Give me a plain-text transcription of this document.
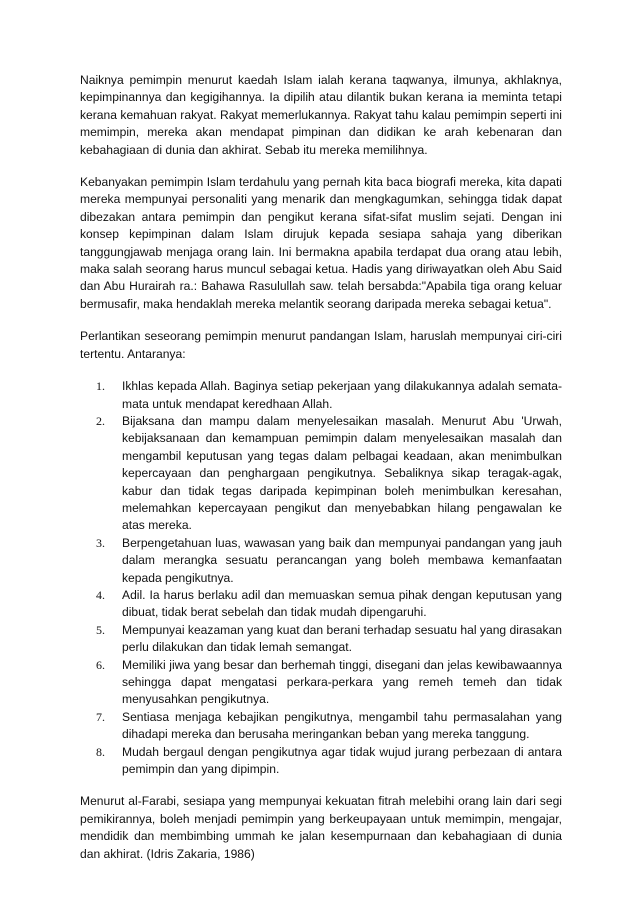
Naiknya pemimpin menurut kaedah Islam ialah kerana taqwanya, ilmunya, akhlaknya, kepimpinannya dan kegigihannya. Ia dipilih atau dilantik bukan kerana ia meminta tetapi kerana kemahuan rakyat. Rakyat memerlukannya. Rakyat tahu kalau pemimpin seperti ini memimpin, mereka akan mendapat pimpinan dan didikan ke arah kebenaran dan kebahagiaan di dunia dan akhirat. Sebab itu mereka memilihnya.

Kebanyakan pemimpin Islam terdahulu yang pernah kita baca biografi mereka, kita dapati mereka mempunyai personaliti yang menarik dan mengkagumkan, sehingga tidak dapat dibezakan antara pemimpin dan pengikut kerana sifat-sifat muslim sejati. Dengan ini konsep kepimpinan dalam Islam dirujuk kepada sesiapa sahaja yang diberikan tanggungjawab menjaga orang lain. Ini bermakna apabila terdapat dua orang atau lebih, maka salah seorang harus muncul sebagai ketua. Hadis yang diriwayatkan oleh Abu Said dan Abu Hurairah ra.: Bahawa Rasulullah saw. telah bersabda:"Apabila tiga orang keluar bermusafir, maka hendaklah mereka melantik seorang daripada mereka sebagai ketua".

Perlantikan seseorang pemimpin menurut pandangan Islam, haruslah mempunyai ciri-ciri tertentu. Antaranya:

1.	Ikhlas kepada Allah. Baginya setiap pekerjaan yang dilakukannya adalah semata-mata untuk mendapat keredhaan Allah.
2.	Bijaksana dan mampu dalam menyelesaikan masalah. Menurut Abu 'Urwah, kebijaksanaan dan kemampuan pemimpin dalam menyelesaikan masalah dan mengambil keputusan yang tegas dalam pelbagai keadaan, akan menimbulkan kepercayaan dan penghargaan pengikutnya. Sebaliknya sikap teragak-agak, kabur dan tidak tegas daripada kepimpinan boleh menimbulkan keresahan, melemahkan kepercayaan pengikut dan menyebabkan hilang pengawalan ke atas mereka.
3.	Berpengetahuan luas, wawasan yang baik dan mempunyai pandangan yang jauh dalam merangka sesuatu perancangan yang boleh membawa kemanfaatan kepada pengikutnya.
4.	Adil. Ia harus berlaku adil dan memuaskan semua pihak dengan keputusan yang dibuat, tidak berat sebelah dan tidak mudah dipengaruhi.
5.	Mempunyai keazaman yang kuat dan berani terhadap sesuatu hal yang dirasakan perlu dilakukan dan tidak lemah semangat.
6.	Memiliki jiwa yang besar dan berhemah tinggi, disegani dan jelas kewibawaannya sehingga dapat mengatasi perkara-perkara yang remeh temeh dan tidak menyusahkan pengikutnya.
7.	Sentiasa menjaga kebajikan pengikutnya, mengambil tahu permasalahan yang dihadapi mereka dan berusaha meringankan beban yang mereka tanggung.
8.	Mudah bergaul dengan pengikutnya agar tidak wujud jurang perbezaan di antara pemimpin dan yang dipimpin.

Menurut al-Farabi, sesiapa yang mempunyai kekuatan fitrah melebihi orang lain dari segi pemikirannya, boleh menjadi pemimpin yang berkeupayaan untuk memimpin, mengajar, mendidik dan membimbing ummah ke jalan kesempurnaan dan kebahagiaan di dunia dan akhirat. (Idris Zakaria, 1986)
